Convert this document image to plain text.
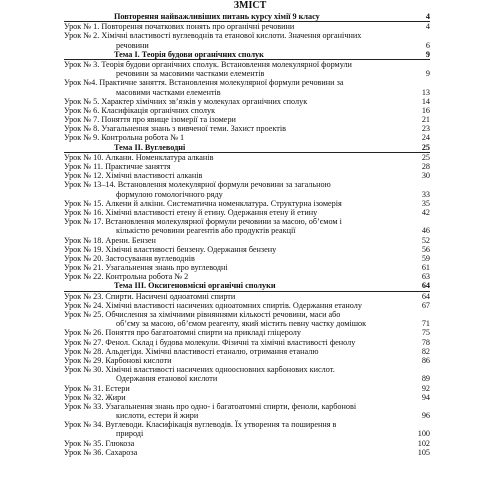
ЗМІСТ
Повторення найважливіших питань курсу хімії 9 класу	4
Урок № 1. Повторення початкових понять про органічні речовини	4
Урок № 2. Хімічні властивості вуглеводнів та етанової кислоти. Значення органічних
речовини	6
Тема І. Теорія будови органічних сполук	9
Урок № 3. Теорія будови органічних сполук. Встановлення молекулярної формули
речовини за масовими частками елементів	9
Урок №4. Практичне заняття. Встановлення молекулярної формули речовини за
масовими частками елементів	13
Урок № 5. Характер хімічних зв’язків у молекулах органічних сполук	14
Урок № 6. Класифікація органічних сполук	16
Урок № 7. Поняття про явище ізомерії та ізомери	21
Урок № 8. Узагальнення знань з вивченої теми. Захист проектів	23
Урок № 9. Контрольна робота № 1	24
Тема ІІ. Вуглеводні	25
Урок № 10. Алкани. Номенклатура алканів	25
Урок № 11. Практичне заняття	28
Урок № 12. Хімічні властивості алканів	30
Урок № 13–14. Встановлення молекулярної формули речовини за загальною
формулою гомологічного ряду	33
Урок № 15. Алкени й алкіни. Систематична номенклатура. Структурна ізомерія	35
Урок № 16. Хімічні властивості етену й етину. Одержання етену й етину	42
Урок № 17. Встановлення молекулярної формули речовини за масою, об’ємом і
кількістю речовини реагентів або продуктів реакції	46
Урок № 18. Арени. Бензен	52
Урок № 19. Хімічні властивості бензену. Одержання бензену	56
Урок № 20. Застосування вуглеводнів	59
Урок № 21. Узагальнення знань про вуглеводні	61
Урок № 22. Контрольна робота № 2	63
Тема ІІІ. Оксигеновмісні органічні сполуки	64
Урок № 23. Спирти. Насичені одноатомні спирти	64
Урок № 24. Хімічні властивості насичених одноатомних спиртів. Одержання етанолу	67
Урок № 25. Обчислення за хімічними рівняннями кількості речовини, маси або
об’єму за масою, об’ємом реагенту, який містить певну частку домішок	71
Урок № 26. Поняття про багатоатомні спирти на прикладі гліцеролу	75
Урок № 27. Фенол. Склад і будова молекули. Фізичні та хімічні властивості фенолу	78
Урок № 28. Альдегіди. Хімічні властивості етаналю, отримання етаналю	82
Урок № 29. Карбонові кислоти	86
Урок № 30. Хімічні властивості насичених одноосновних карбонових кислот.
Одержання етанової кислоти	89
Урок № 31. Естери	92
Урок № 32. Жири	94
Урок № 33. Узагальнення знань про одно- і багатоатомні спирти, феноли, карбонові
кислоти, естери й жири	96
Урок № 34. Вуглеводи. Класифікація вуглеводів. Їх утворення та поширення в
природі	100
Урок № 35. Глюкоза	102
Урок № 36. Сахароза	105
